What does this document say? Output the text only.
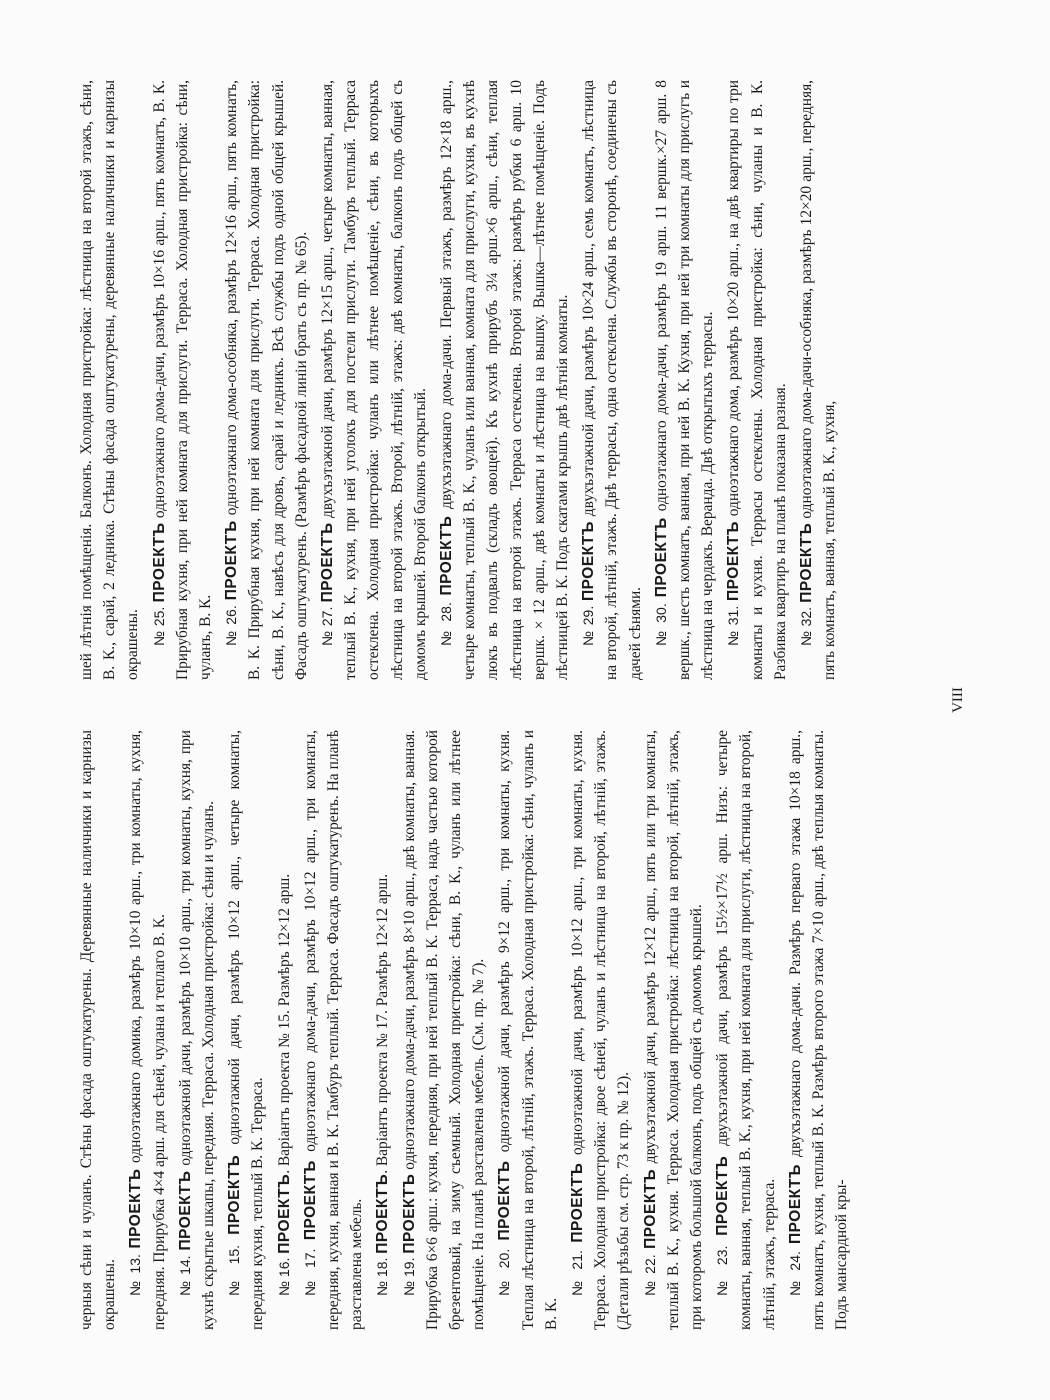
черныя сѣни и чуланъ. Стѣны фасада оштукатурены. Деревянные наличники и карнизы окрашены. № 13. ПРОЕКТЪ одноэтажнаго домика, размѣръ 10×10 арш., три комнаты, кухня, передняя. Прирубка 4×4 арш. для сѣней, чулана и теплаго В. К. № 14. ПРОЕКТЪ одноэтажной дачи, размѣръ 10×10 арш., три комнаты, кухня, при кухнѣ скрытые шкапы, передняя. Терраса. Холодная пристройка: сѣни и чуланъ. № 15. ПРОЕКТЪ одноэтажной дачи, размѣръ 10×12 арш., четыре комнаты, передняя кухня, теплый В. К. Терраса. № 16. ПРОЕКТЪ. Варіантъ проекта № 15. Размѣръ 12×12 арш.

№ 17. ПРОЕКТЪ одноэтажнаго дома-дачи, размѣръ 10×12 арш., три комнаты, передняя, кухня, ванная и В. К. Тамбуръ теплый. Терраса. Фасадъ оштукатуренъ. На планѣ разставлена мебель. № 18. ПРОЕКТЪ. Варіантъ проекта № 17. Размѣръ 12×12 арш.

№ 19. ПРОЕКТЪ одноэтажнаго дома-дачи, размѣръ 8×10 арш., двѣ комнаты, ванная. Прирубка 6×6 арш.: кухня, передняя, при ней теплый В. К. Терраса, надъ частью которой брезентовый, на зиму съемный. Холодная пристройка: сѣни, В. К., чуланъ или лѣтнее помѣщеніе. На планѣ разставлена мебель. (См. пр. № 7). № 20. ПРОЕКТЪ одноэтажной дачи, размѣръ 9×12 арш., три комнаты, кухня. Теплая лѣстница на второй, лѣтній, этажъ. Терраса. Холодная пристройка: сѣни, чуланъ и В. К.

№ 21. ПРОЕКТЪ одноэтажной дачи, размѣръ 10×12 арш., три комнаты, кухня. Терраса. Холодная пристройка: двое сѣней, чуланъ и лѣстница на второй, лѣтній, этажъ. (Детали рѣзьбы см. стр. 73 к пр. № 12). № 22. ПРОЕКТЪ двухъэтажной дачи, размѣръ 12×12 арш., пять или три комнаты, теплый В. К., кухня. Терраса. Холодная пристройка: лѣстница на второй, лѣтній, этажъ, при которомъ большой балконъ, подъ общей съ домомъ крышей. № 23. ПРОЕКТЪ двухъэтажной дачи, размѣръ 15½×17½ арш. Низъ: четыре комнаты, ванная, теплый В. К., кухня, при ней комната для прислуги, лѣстница на второй, лѣтній, этажъ, терраса. № 24. ПРОЕКТЪ двухъэтажнаго дома-дачи. Размѣръ перваго этажа 10×18 арш., пять комнатъ, кухня, теплый В. К. Размѣръ второго этажа 7×10 арш., двѣ теплыя комнаты. Подъ мансардной кры-

шей лѣтнія помѣщенія. Балконъ. Холодная пристройка: лѣстница на второй этажъ, сѣни, В. К., сарай, 2 ледника. Стѣны фасада оштукатурены, деревянные наличники и карнизы окрашены. № 25. ПРОЕКТЪ одноэтажнаго дома-дачи, размѣръ 10×16 арш., пять комнатъ, В. К. Прирубная кухня, при ней комната для прислуги. Терраса. Холодная пристройка: сѣни, чуланъ, В. К. № 26. ПРОЕКТЪ одноэтажнаго дома-особняка, размѣръ 12×16 арш., пять комнатъ, В. К. Прирубная кухня, при ней комната для прислуги. Терраса. Холодная пристройка: сѣни, В. К., навѣсъ для дровъ, сарай и ледникъ. Всѣ службы подъ одной общей крышей. Фасадъ оштукатуренъ. (Размѣръ фасадной линіи брать съ пр. № 65). № 27. ПРОЕКТЪ двухъэтажной дачи, размѣръ 12×15 арш., четыре комнаты, ванная, теплый В. К., кухня, при ней уголокъ для постели прислуги. Тамбуръ теплый. Терраса остеклена. Холодная пристройка: чуланъ или лѣтнее помѣщеніе, сѣни, въ которыхъ лѣстница на второй этажъ. Второй, лѣтній, этажъ: двѣ комнаты, балконъ подъ общей съ домомъ крышей. Второй балконъ открытый. № 28. ПРОЕКТЪ двухъэтажнаго дома-дачи. Первый этажъ, размѣръ 12×18 арш., четыре комнаты, теплый В. К., чуланъ или ванная, комната для прислуги, кухня, въ кухнѣ люкъ въ подвалъ (складъ овощей). Къ кухнѣ прирубъ 3¼ арш.×6 арш., сѣни, теплая лѣстница на второй этажъ. Терраса остеклена. Второй этажъ: размѣръ рубки 6 арш. 10 вершк. × 12 арш., двѣ комнаты и лѣстница на вышку. Вышка—лѣтнее помѣщеніе. Подъ лѣстницей В. К. Подъ скатами крышъ двѣ лѣтнія комнаты. № 29. ПРОЕКТЪ двухъэтажной дачи, размѣръ 10×24 арш., семь комнатъ, лѣстница на второй, лѣтній, этажъ. Двѣ террасы, одна остеклена. Службы въ сторонѣ, соединены съ дачей сѣнями. № 30. ПРОЕКТЪ одноэтажнаго дома-дачи, размѣръ 19 арш. 11 вершк.×27 арш. 8 вершк., шесть комнатъ, ванная, при ней В. К. Кухня, при ней три комнаты для прислугъ и лѣстница на чердакъ. Веранда. Двѣ открытыхъ террасы. № 31. ПРОЕКТЪ одноэтажнаго дома, размѣръ 10×20 арш., на двѣ квартиры по три комнаты и кухня. Террасы остеклены. Холодная пристройка: сѣни, чуланы и В. К. Разбивка квартиръ на планѣ показана разная. № 32. ПРОЕКТЪ одноэтажнаго дома-дачи-особняка, размѣръ 12×20 арш., передняя, пять комнатъ, ванная, теплый В. К., кухня,

VIII
